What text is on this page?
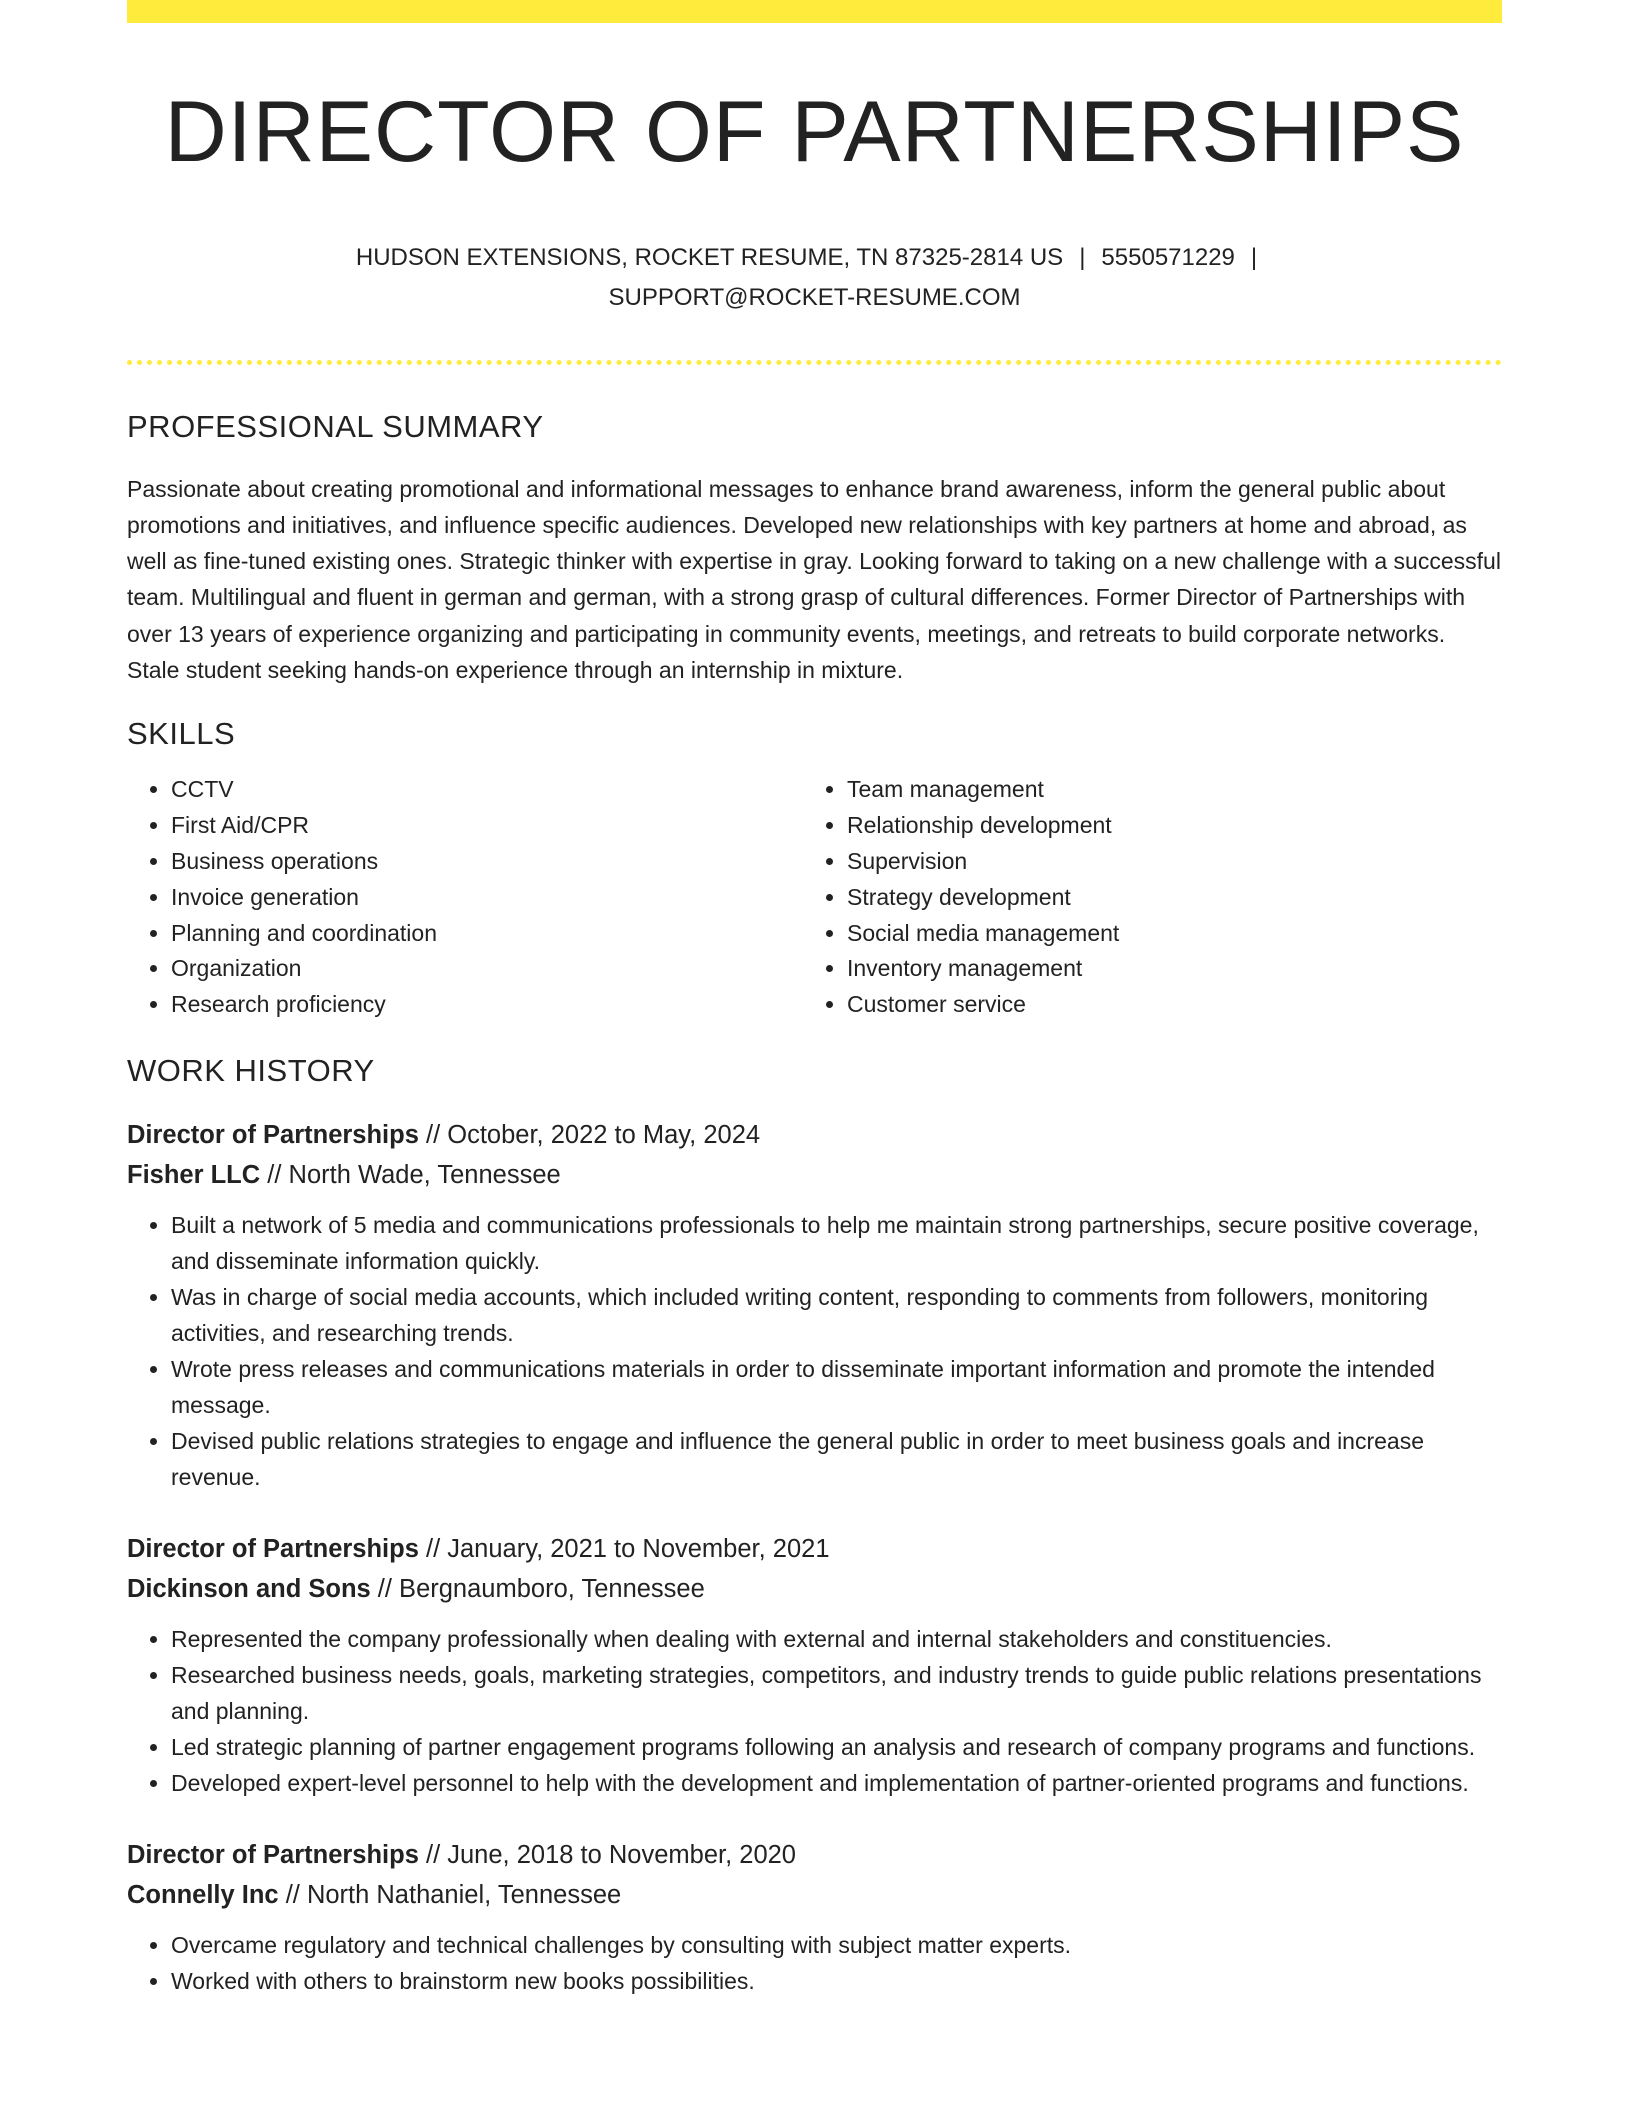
DIRECTOR OF PARTNERSHIPS
HUDSON EXTENSIONS, ROCKET RESUME, TN 87325-2814 US | 5550571229 |
SUPPORT@ROCKET-RESUME.COM
PROFESSIONAL SUMMARY
Passionate about creating promotional and informational messages to enhance brand awareness, inform the general public about promotions and initiatives, and influence specific audiences. Developed new relationships with key partners at home and abroad, as well as fine-tuned existing ones. Strategic thinker with expertise in gray. Looking forward to taking on a new challenge with a successful team. Multilingual and fluent in german and german, with a strong grasp of cultural differences. Former Director of Partnerships with over 13 years of experience organizing and participating in community events, meetings, and retreats to build corporate networks. Stale student seeking hands-on experience through an internship in mixture.
SKILLS
• CCTV
• First Aid/CPR
• Business operations
• Invoice generation
• Planning and coordination
• Organization
• Research proficiency
• Team management
• Relationship development
• Supervision
• Strategy development
• Social media management
• Inventory management
• Customer service
WORK HISTORY
Director of Partnerships // October, 2022 to May, 2024
Fisher LLC // North Wade, Tennessee
• Built a network of 5 media and communications professionals to help me maintain strong partnerships, secure positive coverage, and disseminate information quickly.
• Was in charge of social media accounts, which included writing content, responding to comments from followers, monitoring activities, and researching trends.
• Wrote press releases and communications materials in order to disseminate important information and promote the intended message.
• Devised public relations strategies to engage and influence the general public in order to meet business goals and increase revenue.
Director of Partnerships // January, 2021 to November, 2021
Dickinson and Sons // Bergnaumboro, Tennessee
• Represented the company professionally when dealing with external and internal stakeholders and constituencies.
• Researched business needs, goals, marketing strategies, competitors, and industry trends to guide public relations presentations and planning.
• Led strategic planning of partner engagement programs following an analysis and research of company programs and functions.
• Developed expert-level personnel to help with the development and implementation of partner-oriented programs and functions.
Director of Partnerships // June, 2018 to November, 2020
Connelly Inc // North Nathaniel, Tennessee
• Overcame regulatory and technical challenges by consulting with subject matter experts.
• Worked with others to brainstorm new books possibilities.
